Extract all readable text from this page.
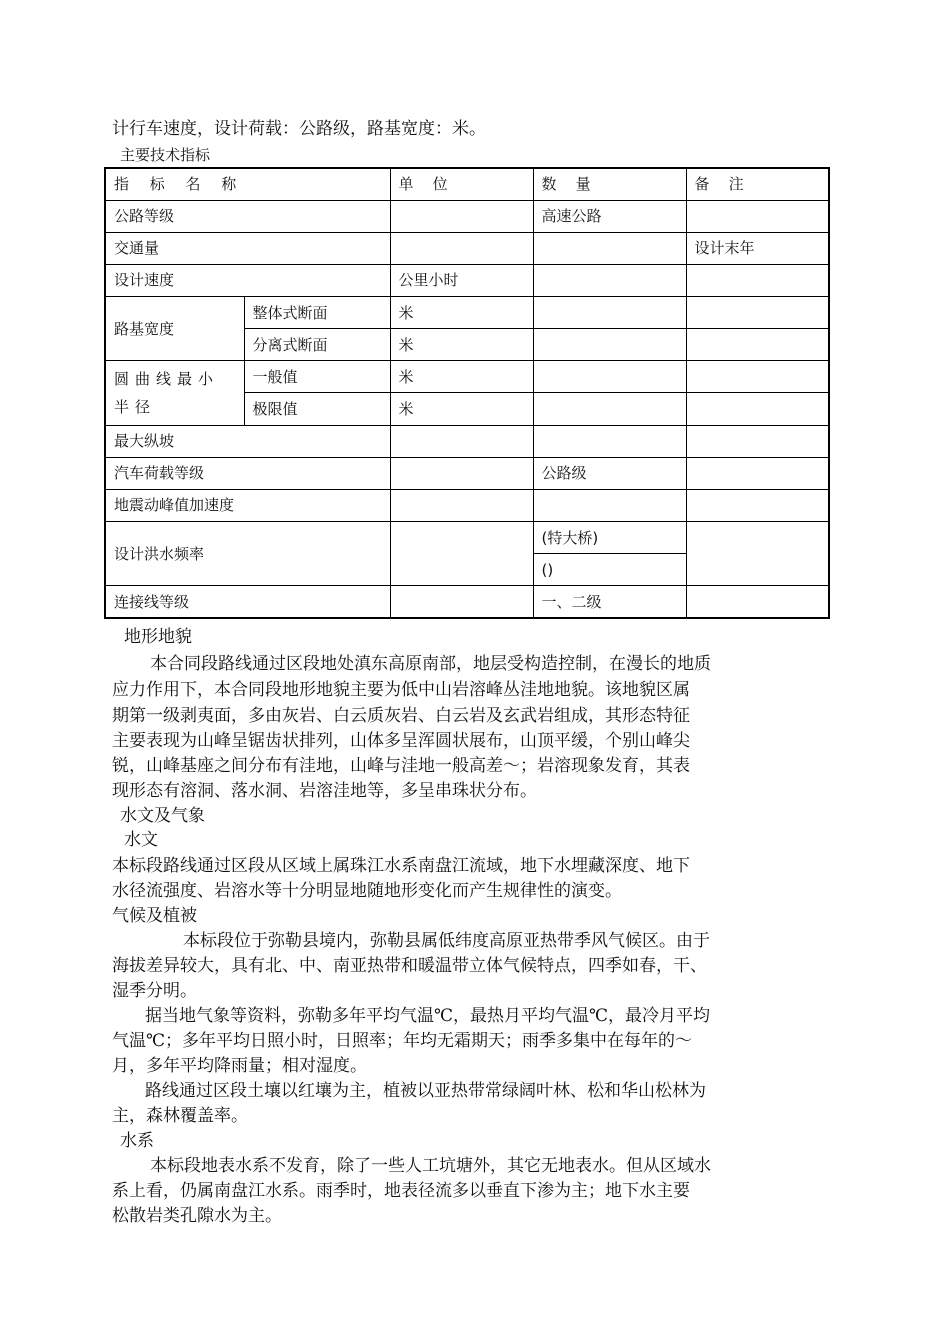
计行车速度，设计荷载：公路级，路基宽度：米。
主要技术指标
指 标 名 称		单    位	数    量	备    注
公路等级			高速公路	
交通量				设计末年
设计速度		公里小时		
路基宽度	整体式断面	米		
	分离式断面	米		
圆曲线最小半径	一般值	米		
	极限值	米		
最大纵坡				
汽车荷载等级			公路级	
地震动峰值加速度				
设计洪水频率			(特大桥)	
			()	
连接线等级			一、二级	
地形地貌
本合同段路线通过区段地处滇东高原南部，地层受构造控制，在漫长的地质
应力作用下，本合同段地形地貌主要为低中山岩溶峰丛洼地地貌。该地貌区属
期第一级剥夷面，多由灰岩、白云质灰岩、白云岩及玄武岩组成，其形态特征
主要表现为山峰呈锯齿状排列，山体多呈浑圆状展布，山顶平缓，个别山峰尖
锐，山峰基座之间分布有洼地，山峰与洼地一般高差～；岩溶现象发育，其表
现形态有溶洞、落水洞、岩溶洼地等，多呈串珠状分布。
水文及气象
水文
本标段路线通过区段从区域上属珠江水系南盘江流域，地下水埋藏深度、地下
水径流强度、岩溶水等十分明显地随地形变化而产生规律性的演变。
气候及植被
本标段位于弥勒县境内，弥勒县属低纬度高原亚热带季风气候区。由于
海拔差异较大，具有北、中、南亚热带和暖温带立体气候特点，四季如春，干、
湿季分明。
据当地气象等资料，弥勒多年平均气温℃，最热月平均气温℃，最冷月平均
气温℃；多年平均日照小时，日照率；年均无霜期天；雨季多集中在每年的～
月，多年平均降雨量；相对湿度。
路线通过区段土壤以红壤为主，植被以亚热带常绿阔叶林、松和华山松林为
主，森林覆盖率。
水系
本标段地表水系不发育，除了一些人工坑塘外，其它无地表水。但从区域水
系上看，仍属南盘江水系。雨季时，地表径流多以垂直下渗为主；地下水主要
松散岩类孔隙水为主。
